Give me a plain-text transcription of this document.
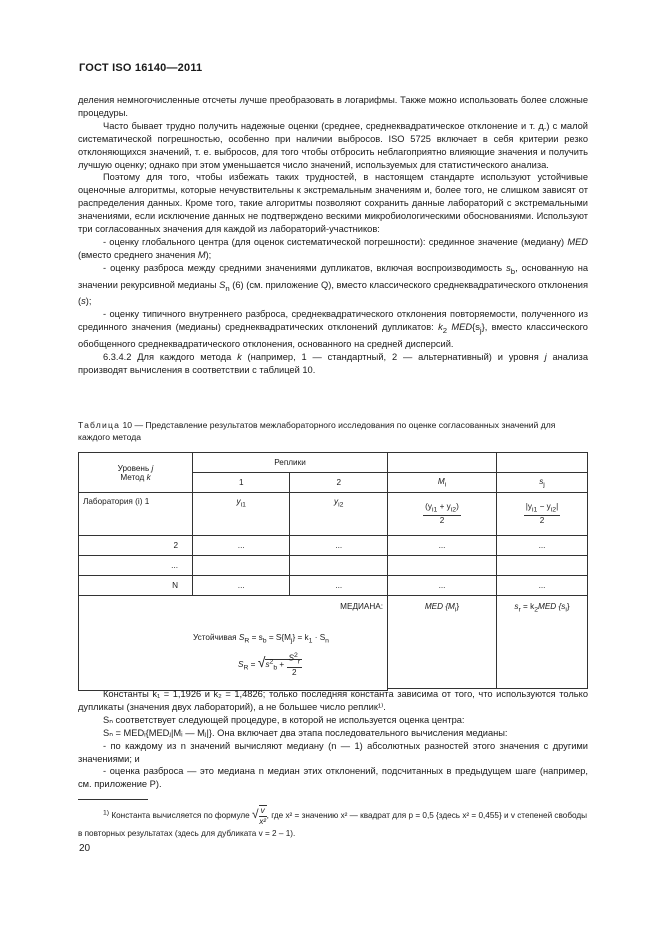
ГОСТ ISO 16140—2011

деления немногочисленные отсчеты лучше преобразовать в логарифмы. Также можно использовать более сложные процедуры.

Часто бывает трудно получить надежные оценки (среднее, среднеквадратическое отклонение и т. д.) с малой систематической погрешностью, особенно при наличии выбросов. ISO 5725 включает в себя критерии резко отклоняющихся значений, т. е. выбросов, для того чтобы отбросить неблагоприятно влияющие значения и получить лучшую оценку; однако при этом уменьшается число значений, используемых для статистического анализа.

Поэтому для того, чтобы избежать таких трудностей, в настоящем стандарте используют устойчивые оценочные алгоритмы, которые нечувствительны к экстремальным значениям и, более того, не слишком зависят от распределения данных. Кроме того, такие алгоритмы позволяют сохранить данные лабораторий с экстремальными значениями, если исключение данных не подтверждено вескими микробиологическими обоснованиями. Используют три согласованных значения для каждой из лабораторий-участников:

- оценку глобального центра (для оценок систематической погрешности): срединное значение (медиану) MED (вместо среднего значения M);

- оценку разброса между средними значениями дупликатов, включая воспроизводимость $s_b$, основанную на значении рекурсивной медианы $S_n$ (6) (см. приложение Q), вместо классического среднеквадратического отклонения (s);

- оценку типичного внутреннего разброса, среднеквадратического отклонения повторяемости, полученного из срединного значения (медианы) среднеквадратических отклонений дупликатов: $k_2$ $MED\{s_j\}$, вместо классического обобщенного среднеквадратического отклонения, основанного на средней дисперсий.

6.3.4.2 Для каждого метода k (например, 1 — стандартный, 2 — альтернативный) и уровня j анализа производят вычисления в соответствии с таблицей 10.

Таблица 10 — Представление результатов межлабораторного исследования по оценке согласованных значений для каждого метода
Уровень j
Метод k	Реплики			
	1	2	$M_i$	$s_j$
Лаборатория (i) 1	$y_{i1}$	$y_{i2}$	$\frac{(y_{i1} + y_{i2})}{2}$	$\frac{|y_{i1} - y_{i2}|}{2}$

2	...	...	...	...
...				
N	...	...	...	...

МЕДИАНА:
Устойчивая $S_R = s_b = S\{M_j\} = k_1 \cdot S_n$
$S_R = √s^2_b + \frac{S^2_r}{2}$			MED $\{M_i\}$	$s_r = k_2MED$ $\{s_i\}$

Константы k₁ = 1,1926 и k₂ = 1,4826; только последняя константа зависима от того, что используются только дупликаты (значения двух лабораторий), а не большее число реплик¹⁾.

Sₙ соответствует следующей процедуре, в которой не используется оценка центра:

Sₙ = MEDᵢ{MEDⱼ|Mᵢ — Mⱼ|}. Она включает два этапа последовательного вычисления медианы:

- по каждому из n значений вычисляют медиану (n — 1) абсолютных разностей этого значения с другими значениями; и

- оценка разброса — это медиана n медиан этих отклонений, подсчитанных в предыдущем шаге (например, см. приложение P).

$^{1)}$ Константа вычисляется по формуле √ $\frac{v}{\text{x²}}$ , где x² = значению x² — квадрат для p = 0,5 {здесь x² = 0,455} и v степеней свободы в повторных результатах (здесь для дубликата v = 2 – 1).
20
